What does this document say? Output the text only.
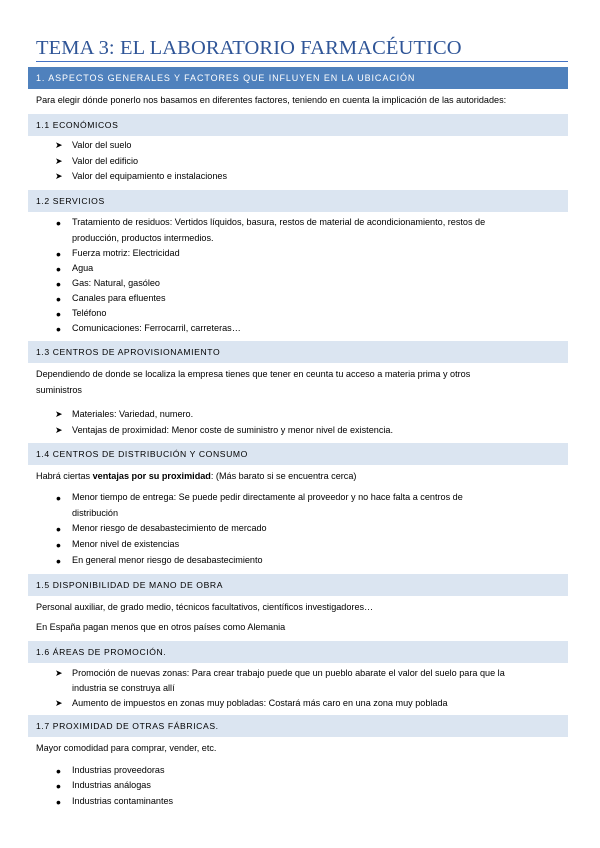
TEMA 3: EL LABORATORIO FARMACÉUTICO
1. ASPECTOS GENERALES Y FACTORES QUE INFLUYEN EN LA UBICACIÓN
Para elegir dónde ponerlo nos basamos en diferentes factores, teniendo en cuenta la implicación de las autoridades:
1.1 ECONÓMICOS
➤ Valor del suelo
➤ Valor del edificio
➤ Valor del equipamiento e instalaciones
1.2 SERVICIOS
• Tratamiento de residuos: Vertidos líquidos, basura, restos de material de acondicionamiento, restos de
producción, productos intermedios.
• Fuerza motriz: Electricidad
• Agua
• Gas: Natural, gasóleo
• Canales para efluentes
• Teléfono
• Comunicaciones: Ferrocarril, carreteras…
1.3 CENTROS DE APROVISIONAMIENTO
Dependiendo de donde se localiza la empresa tienes que tener en ceunta tu acceso a materia prima y otros
suministros
➤ Materiales: Variedad, numero.
➤ Ventajas de proximidad: Menor coste de suministro y menor nivel de existencia.
1.4 CENTROS DE DISTRIBUCIÓN Y CONSUMO
Habrá ciertas ventajas por su proximidad: (Más barato si se encuentra cerca)
• Menor tiempo de entrega: Se puede pedir directamente al proveedor y no hace falta a centros de
distribución
• Menor riesgo de desabastecimiento de mercado
• Menor nivel de existencias
• En general menor riesgo de desabastecimiento
1.5 DISPONIBILIDAD DE MANO DE OBRA
Personal auxiliar, de grado medio, técnicos facultativos, científicos investigadores…
En España pagan menos que en otros países como Alemania
1.6 ÁREAS DE PROMOCIÓN.
➤ Promoción de nuevas zonas: Para crear trabajo puede que un pueblo abarate el valor del suelo para que la
industria se construya allí
➤ Aumento de impuestos en zonas muy pobladas: Costará más caro en una zona muy poblada
1.7 PROXIMIDAD DE OTRAS FÁBRICAS.
Mayor comodidad para comprar, vender, etc.
• Industrias proveedoras
• Industrias análogas
• Industrias contaminantes
